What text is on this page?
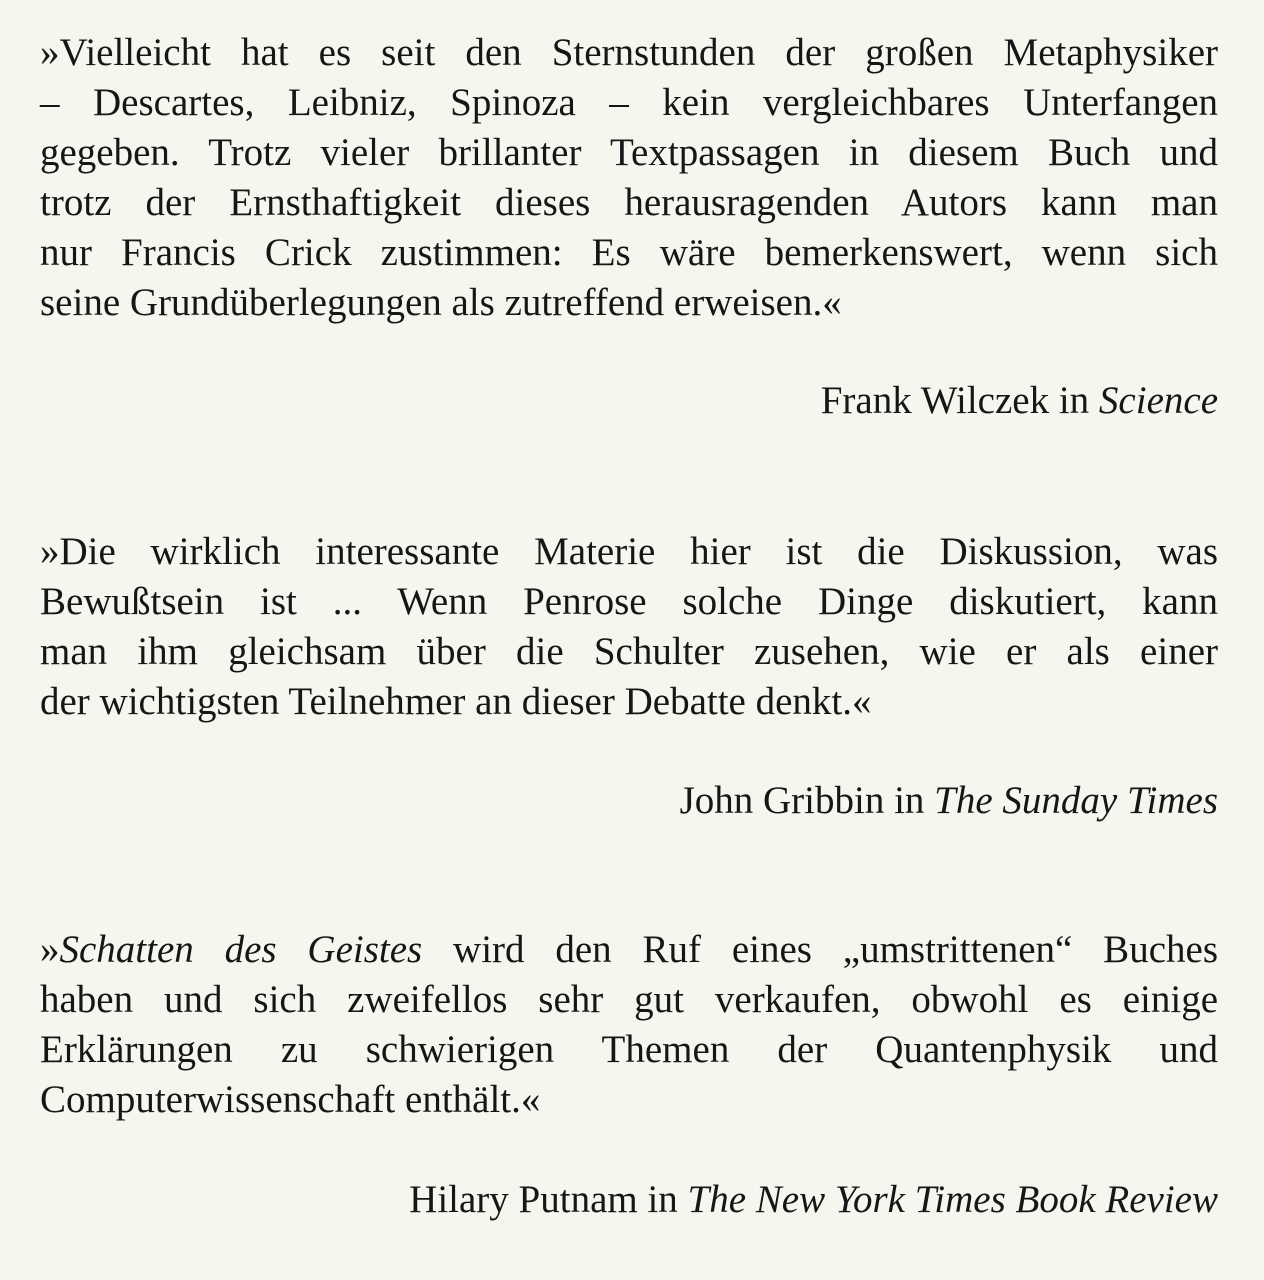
»Vielleicht hat es seit den Sternstunden der großen Metaphysiker
– Descartes, Leibniz, Spinoza – kein vergleichbares Unterfangen
gegeben. Trotz vieler brillanter Textpassagen in diesem Buch und
trotz der Ernsthaftigkeit dieses herausragenden Autors kann man
nur Francis Crick zustimmen: Es wäre bemerkenswert, wenn sich
seine Grundüberlegungen als zutreffend erweisen.«
Frank Wilczek in Science
»Die wirklich interessante Materie hier ist die Diskussion, was
Bewußtsein ist ... Wenn Penrose solche Dinge diskutiert, kann
man ihm gleichsam über die Schulter zusehen, wie er als einer
der wichtigsten Teilnehmer an dieser Debatte denkt.«
John Gribbin in The Sunday Times
»Schatten des Geistes wird den Ruf eines „umstrittenen“ Buches
haben und sich zweifellos sehr gut verkaufen, obwohl es einige
Erklärungen zu schwierigen Themen der Quantenphysik und
Computerwissenschaft enthält.«
Hilary Putnam in The New York Times Book Review
